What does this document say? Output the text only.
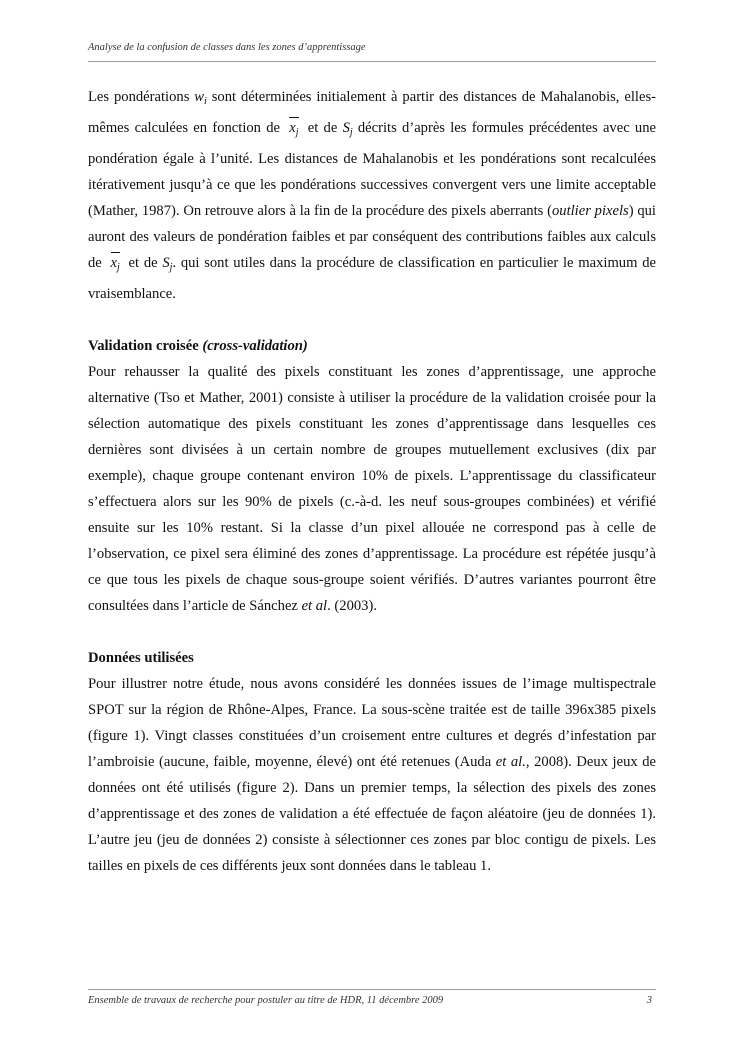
Analyse de la confusion de classes dans les zones d’apprentissage

Les pondérations $w_i$ sont déterminées initialement à partir des distances de Mahalanobis, elles-mêmes calculées en fonction de $x_j$ et de $S_j$ décrits d’après les formules précédentes avec une pondération égale à l’unité. Les distances de Mahalanobis et les pondérations sont recalculées itérativement jusqu’à ce que les pondérations successives convergent vers une limite acceptable (Mather, 1987). On retrouve alors à la fin de la procédure des pixels aberrants (outlier pixels) qui auront des valeurs de pondération faibles et par conséquent des contributions faibles aux calculs de $x_j$ et de $S_j$. qui sont utiles dans la procédure de classification en particulier le maximum de vraisemblance.

Validation croisée (cross-validation)

Pour rehausser la qualité des pixels constituant les zones d’apprentissage, une approche alternative (Tso et Mather, 2001) consiste à utiliser la procédure de la validation croisée pour la sélection automatique des pixels constituant les zones d’apprentissage dans lesquelles ces dernières sont divisées à un certain nombre de groupes mutuellement exclusives (dix par exemple), chaque groupe contenant environ 10% de pixels. L’apprentissage du classificateur s’effectuera alors sur les 90% de pixels (c.-à-d. les neuf sous-groupes combinées) et vérifié ensuite sur les 10% restant. Si la classe d’un pixel allouée ne correspond pas à celle de l’observation, ce pixel sera éliminé des zones d’apprentissage. La procédure est répétée jusqu’à ce que tous les pixels de chaque sous-groupe soient vérifiés. D’autres variantes pourront être consultées dans l’article de Sánchez et al. (2003).

Données utilisées

Pour illustrer notre étude, nous avons considéré les données issues de l’image multispectrale SPOT sur la région de Rhône-Alpes, France. La sous-scène traitée est de taille 396x385 pixels (figure 1). Vingt classes constituées d’un croisement entre cultures et degrés d’infestation par l’ambroisie (aucune, faible, moyenne, élevé) ont été retenues (Auda et al., 2008). Deux jeux de données ont été utilisés (figure 2). Dans un premier temps, la sélection des pixels des zones d’apprentissage et des zones de validation a été effectuée de façon aléatoire (jeu de données 1). L’autre jeu (jeu de données 2) consiste à sélectionner ces zones par bloc contigu de pixels. Les tailles en pixels de ces différents jeux sont données dans le tableau 1.

Ensemble de travaux de recherche pour postuler au titre de HDR, 11 décembre 2009	3
